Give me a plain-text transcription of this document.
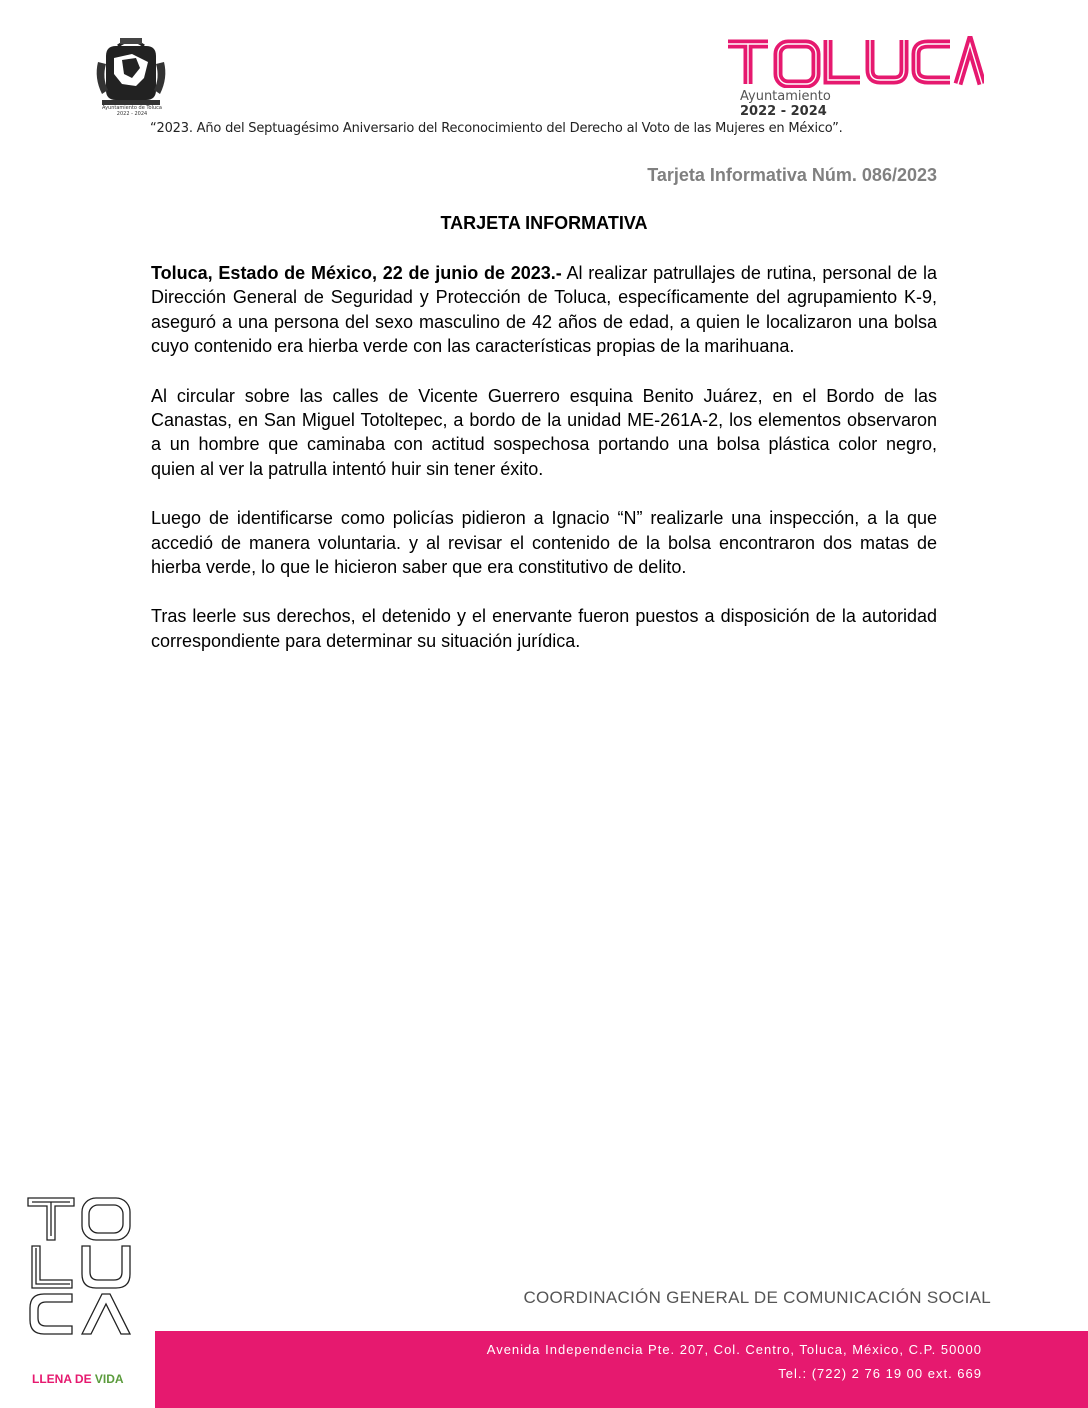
Ayuntamiento de Toluca
2022 - 2024
Ayuntamiento
2022 - 2024
“2023. Año del Septuagésimo Aniversario del Reconocimiento del Derecho al Voto de las Mujeres en México”.
Tarjeta Informativa Núm. 086/2023
TARJETA INFORMATIVA

Toluca, Estado de México, 22 de junio de 2023.- Al realizar patrullajes de rutina, personal de la Dirección General de Seguridad y Protección de Toluca, específicamente del agrupamiento K-9, aseguró a una persona del sexo masculino de 42 años de edad, a quien le localizaron una bolsa cuyo contenido era hierba verde con las características propias de la marihuana.

Al circular sobre las calles de Vicente Guerrero esquina Benito Juárez, en el Bordo de las Canastas, en San Miguel Totoltepec, a bordo de la unidad ME-261A-2, los elementos observaron a un hombre que caminaba con actitud sospechosa portando una bolsa plástica color negro, quien al ver la patrulla intentó huir sin tener éxito.

Luego de identificarse como policías pidieron a Ignacio “N” realizarle una inspección, a la que accedió de manera voluntaria. y al revisar el contenido de la bolsa encontraron dos matas de hierba verde, lo que le hicieron saber que era constitutivo de delito.

Tras leerle sus derechos, el detenido y el enervante fueron puestos a disposición de la autoridad correspondiente para determinar su situación jurídica.

LLENA DE VIDA
COORDINACIÓN GENERAL DE COMUNICACIÓN SOCIAL
Avenida Independencia Pte. 207, Col. Centro, Toluca, México, C.P. 50000
Tel.: (722) 2 76 19 00 ext. 669
